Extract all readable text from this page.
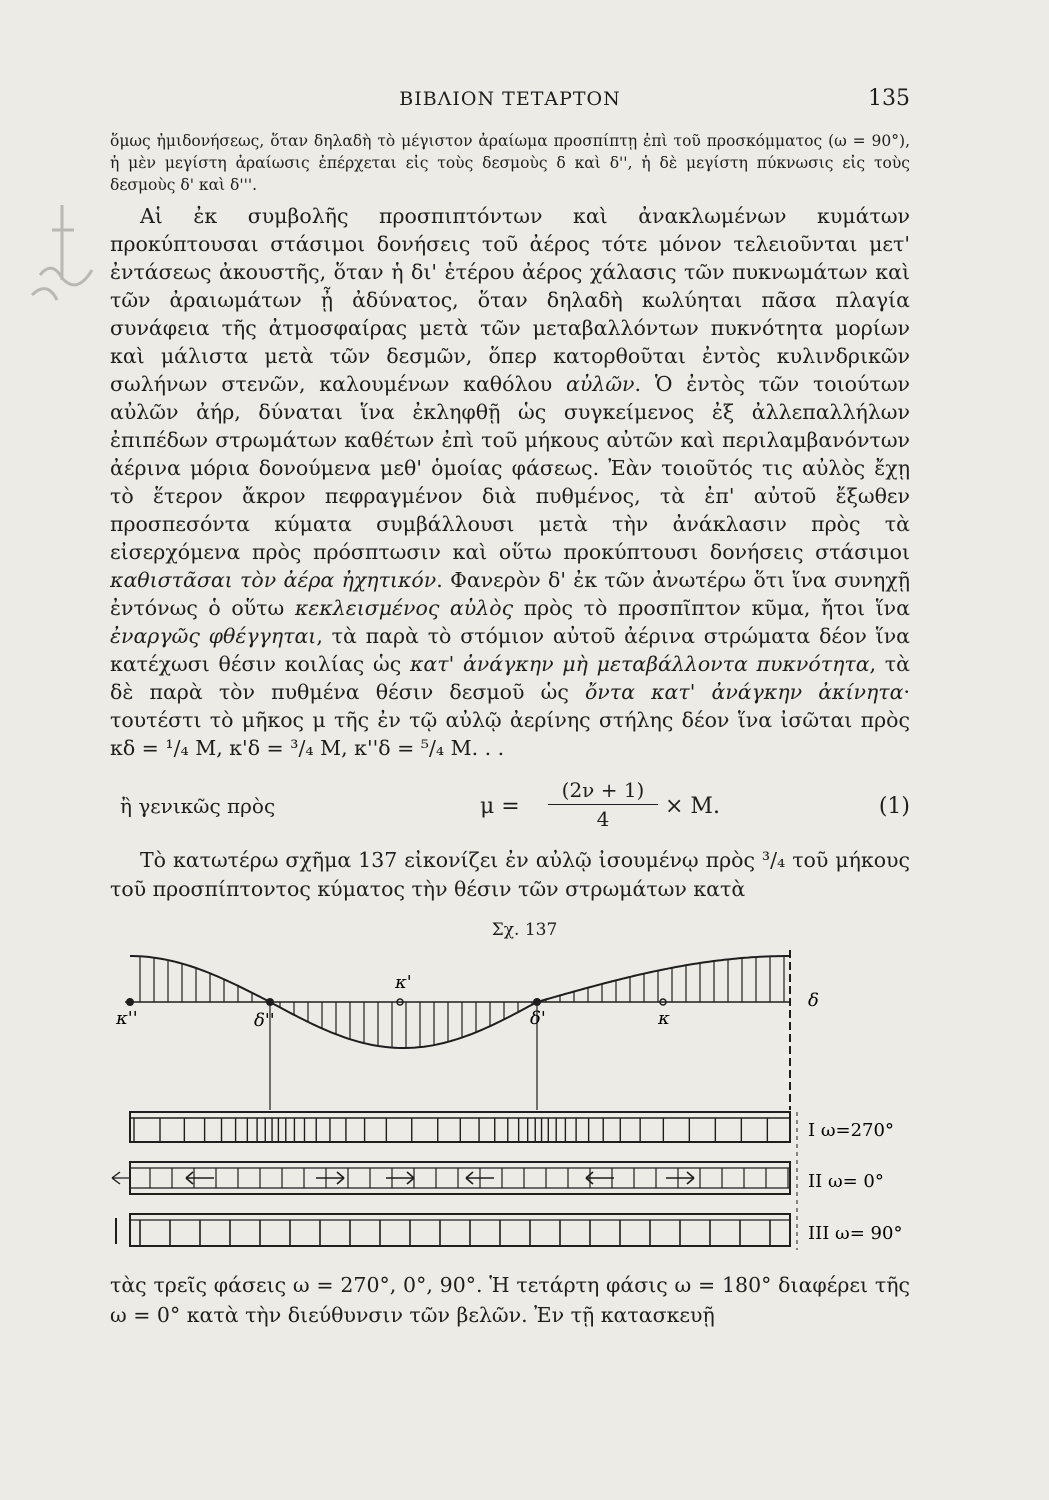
ΒΙΒΛΙΟΝ ΤΕΤΑΡΤΟΝ	135
ὅμως ἠμιδονήσεως, ὅταν δηλαδὴ τὸ μέγιστον ἀραίωμα προσπίπτῃ ἐπὶ τοῦ προσκόμματος (ω = 90°), ἡ μὲν μεγίστη ἀραίωσις ἐπέρχεται εἰς τοὺς δεσμοὺς δ καὶ δ'', ἡ δὲ μεγίστη πύκνωσις εἰς τοὺς δεσμοὺς δ' καὶ δ'''.
Αἱ ἐκ συμβολῆς προσπιπτόντων καὶ ἀνακλωμένων κυμάτων προκύπτουσαι στάσιμοι δονήσεις τοῦ ἀέρος τότε μόνον τελειοῦνται μετ' ἐντάσεως ἀκουστῆς, ὅταν ἡ δι' ἑτέρου ἀέρος χάλασις τῶν πυκνωμάτων καὶ τῶν ἀραιωμάτων ᾖ ἀδύνατος, ὅταν δηλαδὴ κωλύηται πᾶσα πλαγία συνάφεια τῆς ἀτμοσφαίρας μετὰ τῶν μεταβαλλόντων πυκνότητα μορίων καὶ μάλιστα μετὰ τῶν δεσμῶν, ὅπερ κατορθοῦται ἐντὸς κυλινδρικῶν σωλήνων στενῶν, καλουμένων καθόλου αὐλῶν. Ὁ ἐντὸς τῶν τοιούτων αὐλῶν ἀήρ, δύναται ἵνα ἐκληφθῇ ὡς συγκείμενος ἐξ ἀλλεπαλλήλων ἐπιπέδων στρωμάτων καθέτων ἐπὶ τοῦ μήκους αὐτῶν καὶ περιλαμβανόντων ἀέρινα μόρια δονούμενα μεθ' ὁμοίας φάσεως. Ἐὰν τοιοῦτός τις αὐλὸς ἔχῃ τὸ ἕτερον ἄκρον πεφραγμένον διὰ πυθμένος, τὰ ἐπ' αὐτοῦ ἔξωθεν προσπεσόντα κύματα συμβάλλουσι μετὰ τὴν ἀνάκλασιν πρὸς τὰ εἰσερχόμενα πρὸς πρόσπτωσιν καὶ οὕτω προκύπτουσι δονήσεις στάσιμοι καθιστᾶσαι τὸν ἀέρα ἠχητικόν. Φανερὸν δ' ἐκ τῶν ἀνωτέρω ὅτι ἵνα συνηχῇ ἐντόνως ὁ οὕτω κεκλεισμένος αὐλὸς πρὸς τὸ προσπῖπτον κῦμα, ἤτοι ἵνα ἐναργῶς φθέγγηται, τὰ παρὰ τὸ στόμιον αὐτοῦ ἀέρινα στρώματα δέον ἵνα κατέχωσι θέσιν κοιλίας ὡς κατ' ἀνάγκην μὴ μεταβάλλοντα πυκνότητα, τὰ δὲ παρὰ τὸν πυθμένα θέσιν δεσμοῦ ὡς ὄντα κατ' ἀνάγκην ἀκίνητα· τουτέστι τὸ μῆκος μ τῆς ἐν τῷ αὐλῷ ἀερίνης στήλης δέον ἵνα ἰσῶται πρὸς κδ = ¹/₄ Μ, κ'δ = ³/₄ Μ, κ''δ = ⁵/₄ Μ. . .
ἢ γενικῶς πρὸς	$\mu = \frac{(2\nu + 1)}{4} \times M$.	(1)
Τὸ κατωτέρω σχῆμα 137 εἰκονίζει ἐν αὐλῷ ἰσουμένῳ πρὸς ³/₄ τοῦ μήκους τοῦ προσπίπτοντος κύματος τὴν θέσιν τῶν στρωμάτων κατὰ
Σχ. 137
κ''	δ''
κ'
δ'	κ
δ
I ω=270°
II ω= 0°
III ω= 90°
τὰς τρεῖς φάσεις ω = 270°, 0°, 90°. Ἡ τετάρτη φάσις ω = 180° διαφέρει τῆς ω = 0° κατὰ τὴν διεύθυνσιν τῶν βελῶν. Ἐν τῇ κατασκευῇ
